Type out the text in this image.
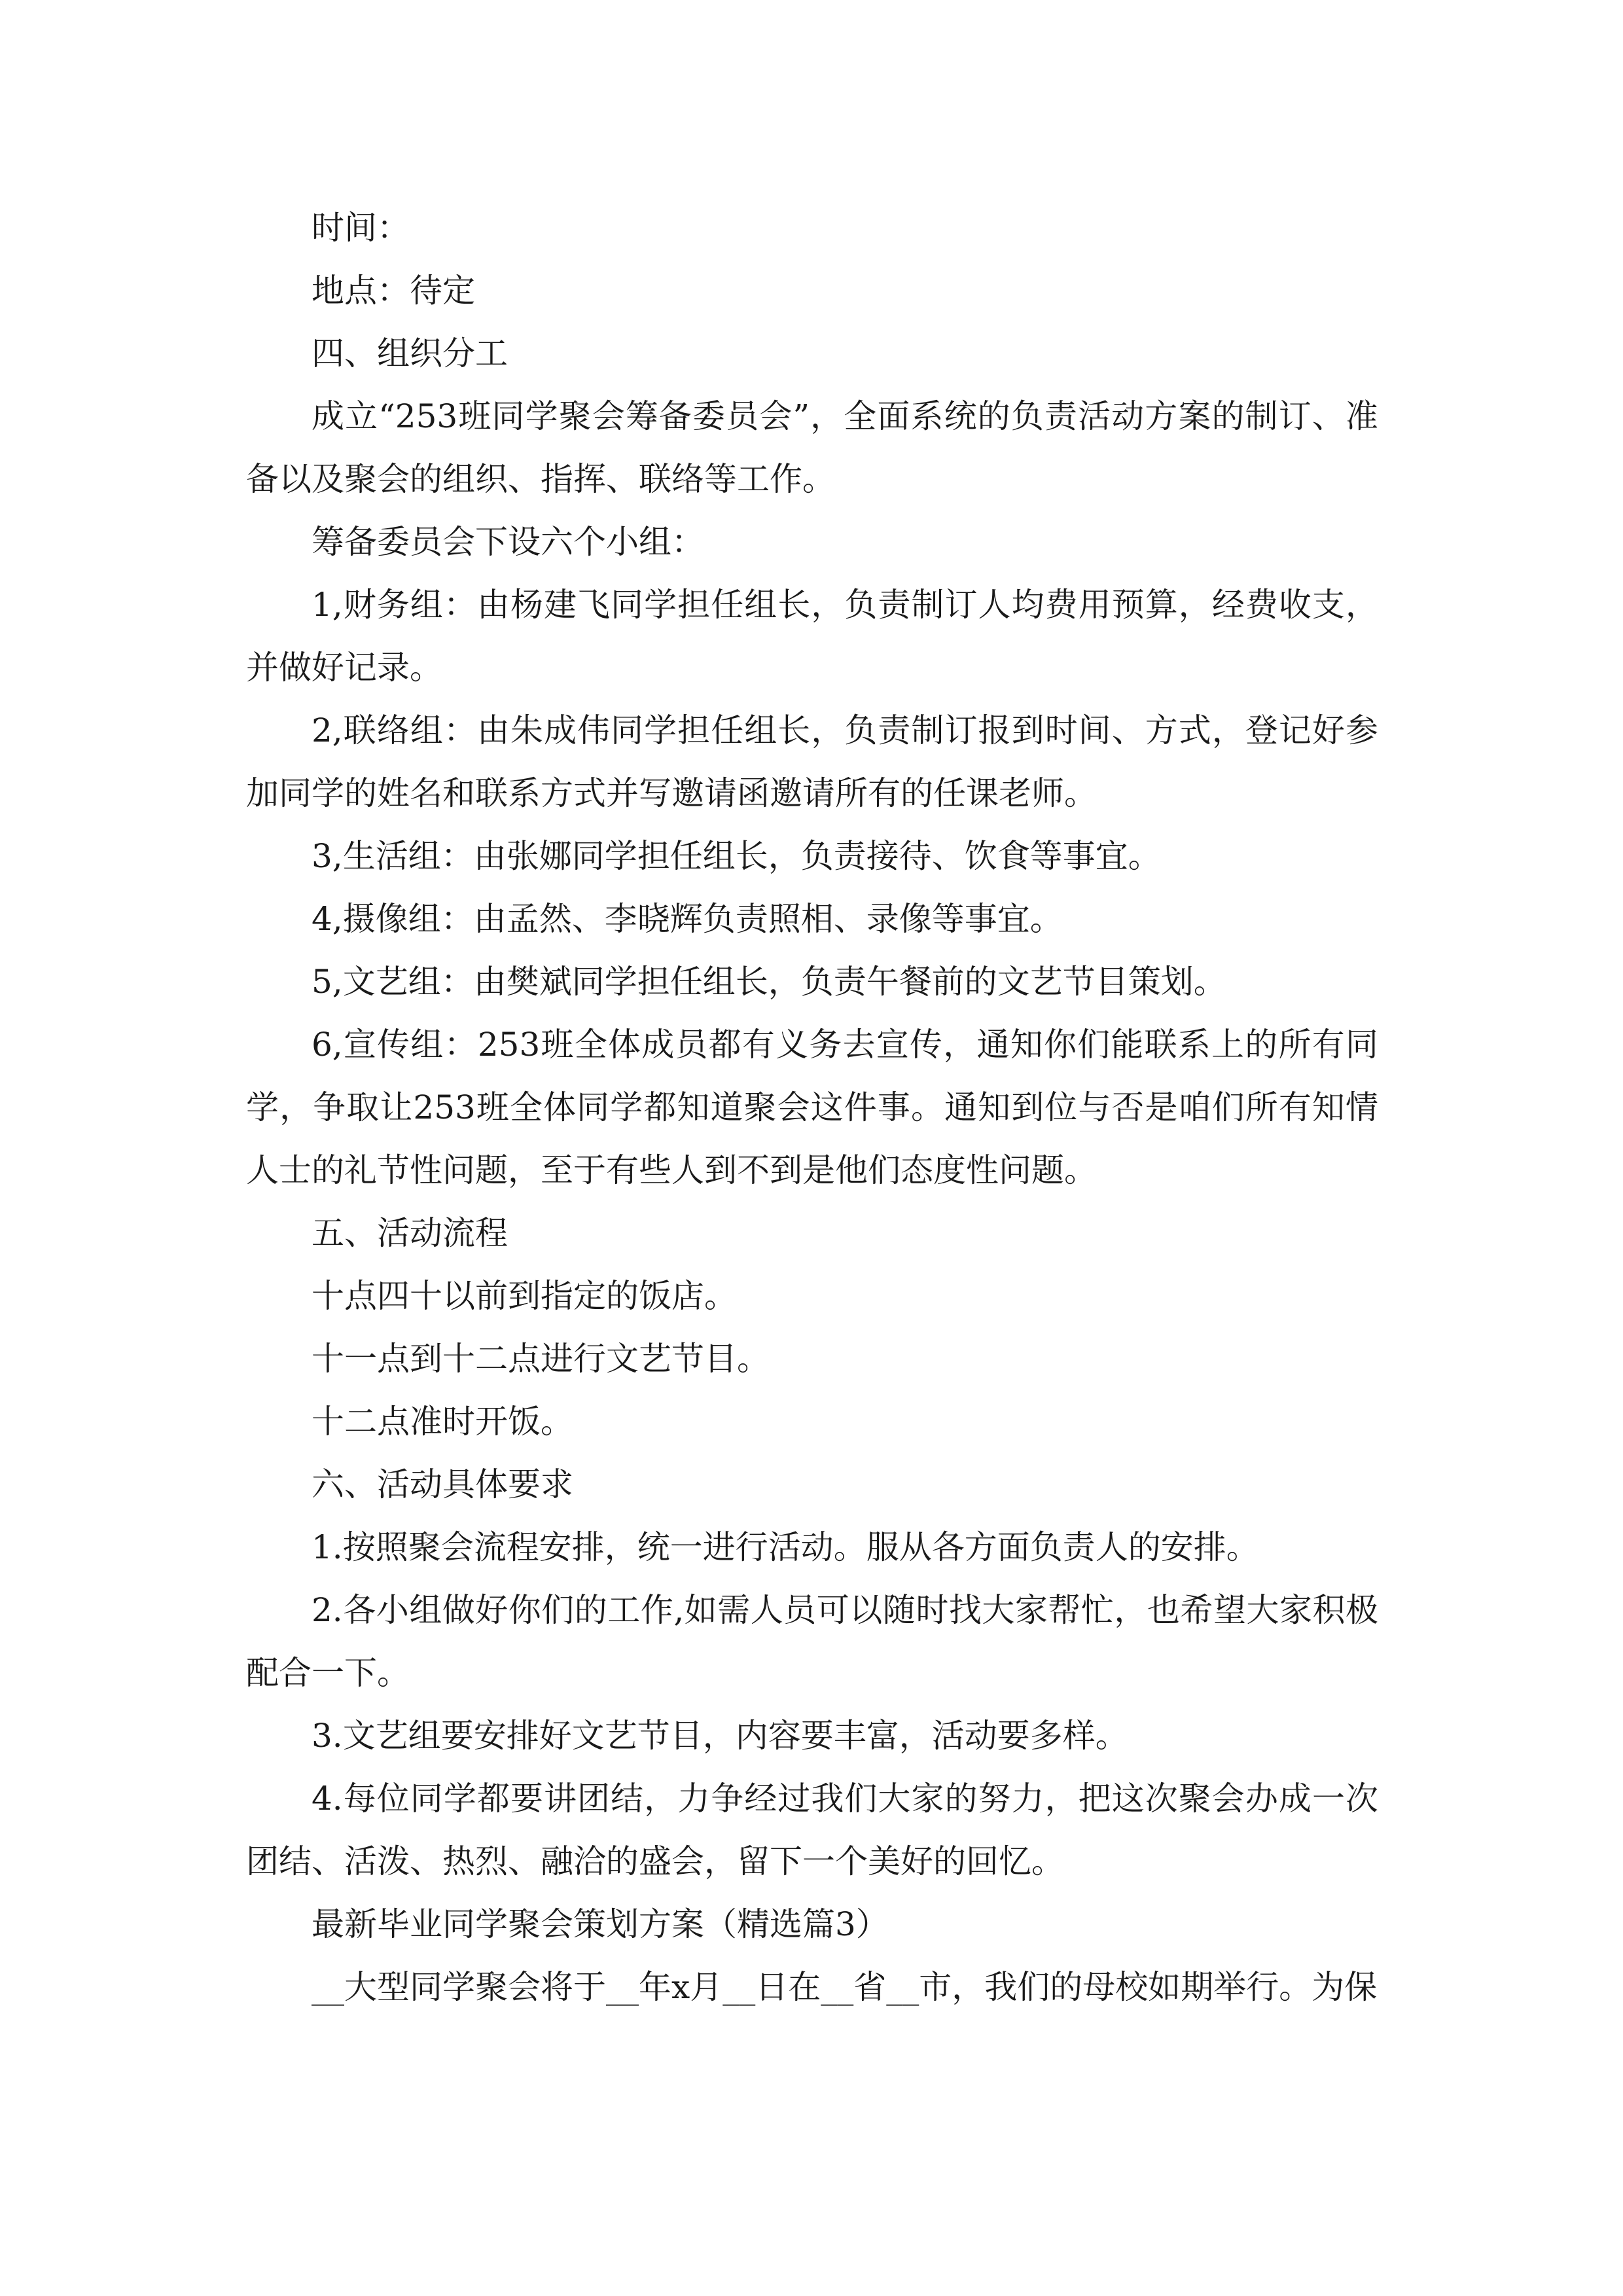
时间：

地点：待定

四、组织分工

成立“253班同学聚会筹备委员会”，全面系统的负责活动方案的制订、准备以及聚会的组织、指挥、联络等工作。

筹备委员会下设六个小组：

1,财务组：由杨建飞同学担任组长，负责制订人均费用预算，经费收支，并做好记录。

2,联络组：由朱成伟同学担任组长，负责制订报到时间、方式，登记好参加同学的姓名和联系方式并写邀请函邀请所有的任课老师。

3,生活组：由张娜同学担任组长，负责接待、饮食等事宜。

4,摄像组：由孟然、李晓辉负责照相、录像等事宜。

5,文艺组：由樊斌同学担任组长，负责午餐前的文艺节目策划。

6,宣传组：253班全体成员都有义务去宣传，通知你们能联系上的所有同学，争取让253班全体同学都知道聚会这件事。通知到位与否是咱们所有知情人士的礼节性问题，至于有些人到不到是他们态度性问题。

五、活动流程

十点四十以前到指定的饭店。

十一点到十二点进行文艺节目。

十二点准时开饭。

六、活动具体要求

1.按照聚会流程安排，统一进行活动。服从各方面负责人的安排。

2.各小组做好你们的工作,如需人员可以随时找大家帮忙，也希望大家积极配合一下。

3.文艺组要安排好文艺节目，内容要丰富，活动要多样。

4.每位同学都要讲团结，力争经过我们大家的努力，把这次聚会办成一次团结、活泼、热烈、融洽的盛会，留下一个美好的回忆。

最新毕业同学聚会策划方案（精选篇3）

__大型同学聚会将于__年x月__日在__省__市，我们的母校如期举行。为保
